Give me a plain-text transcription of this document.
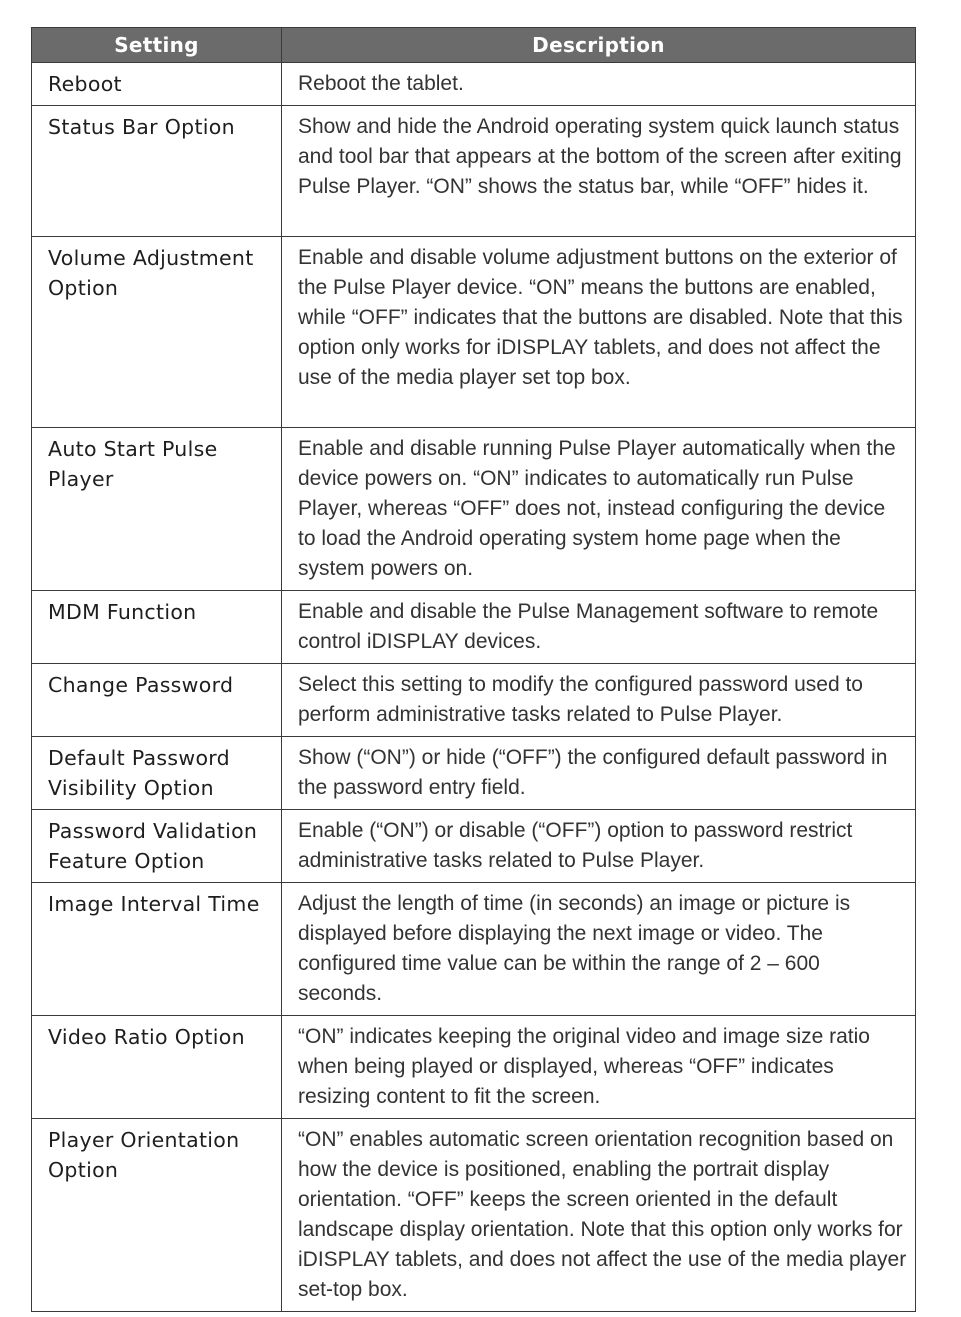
Setting	Description
Reboot	Reboot the tablet.
Status Bar Option	Show and hide the Android operating system quick launch status and tool bar that appears at the bottom of the screen after exiting Pulse Player. “ON” shows the status bar, while “OFF” hides it.
Volume Adjustment Option	Enable and disable volume adjustment buttons on the exterior of the Pulse Player device. “ON” means the buttons are enabled, while “OFF” indicates that the buttons are disabled. Note that this option only works for iDISPLAY tablets, and does not affect the use of the media player set top box.
Auto Start Pulse Player	Enable and disable running Pulse Player automatically when the device powers on. “ON” indicates to automatically run Pulse Player, whereas “OFF” does not, instead configuring the device to load the Android operating system home page when the system powers on.
MDM Function	Enable and disable the Pulse Management software to remote control iDISPLAY devices.
Change Password	Select this setting to modify the configured password used to perform administrative tasks related to Pulse Player.
Default Password Visibility Option	Show (“ON”) or hide (“OFF”) the configured default password in the password entry field.
Password Validation Feature Option	Enable (“ON”) or disable (“OFF”) option to password restrict administrative tasks related to Pulse Player.
Image Interval Time	Adjust the length of time (in seconds) an image or picture is displayed before displaying the next image or video. The configured time value can be within the range of 2 – 600 seconds.
Video Ratio Option	“ON” indicates keeping the original video and image size ratio when being played or displayed, whereas “OFF” indicates resizing content to fit the screen.
Player Orientation Option	“ON” enables automatic screen orientation recognition based on how the device is positioned, enabling the portrait display orientation. “OFF” keeps the screen oriented in the default landscape display orientation. Note that this option only works for iDISPLAY tablets, and does not affect the use of the media player set-top box.
